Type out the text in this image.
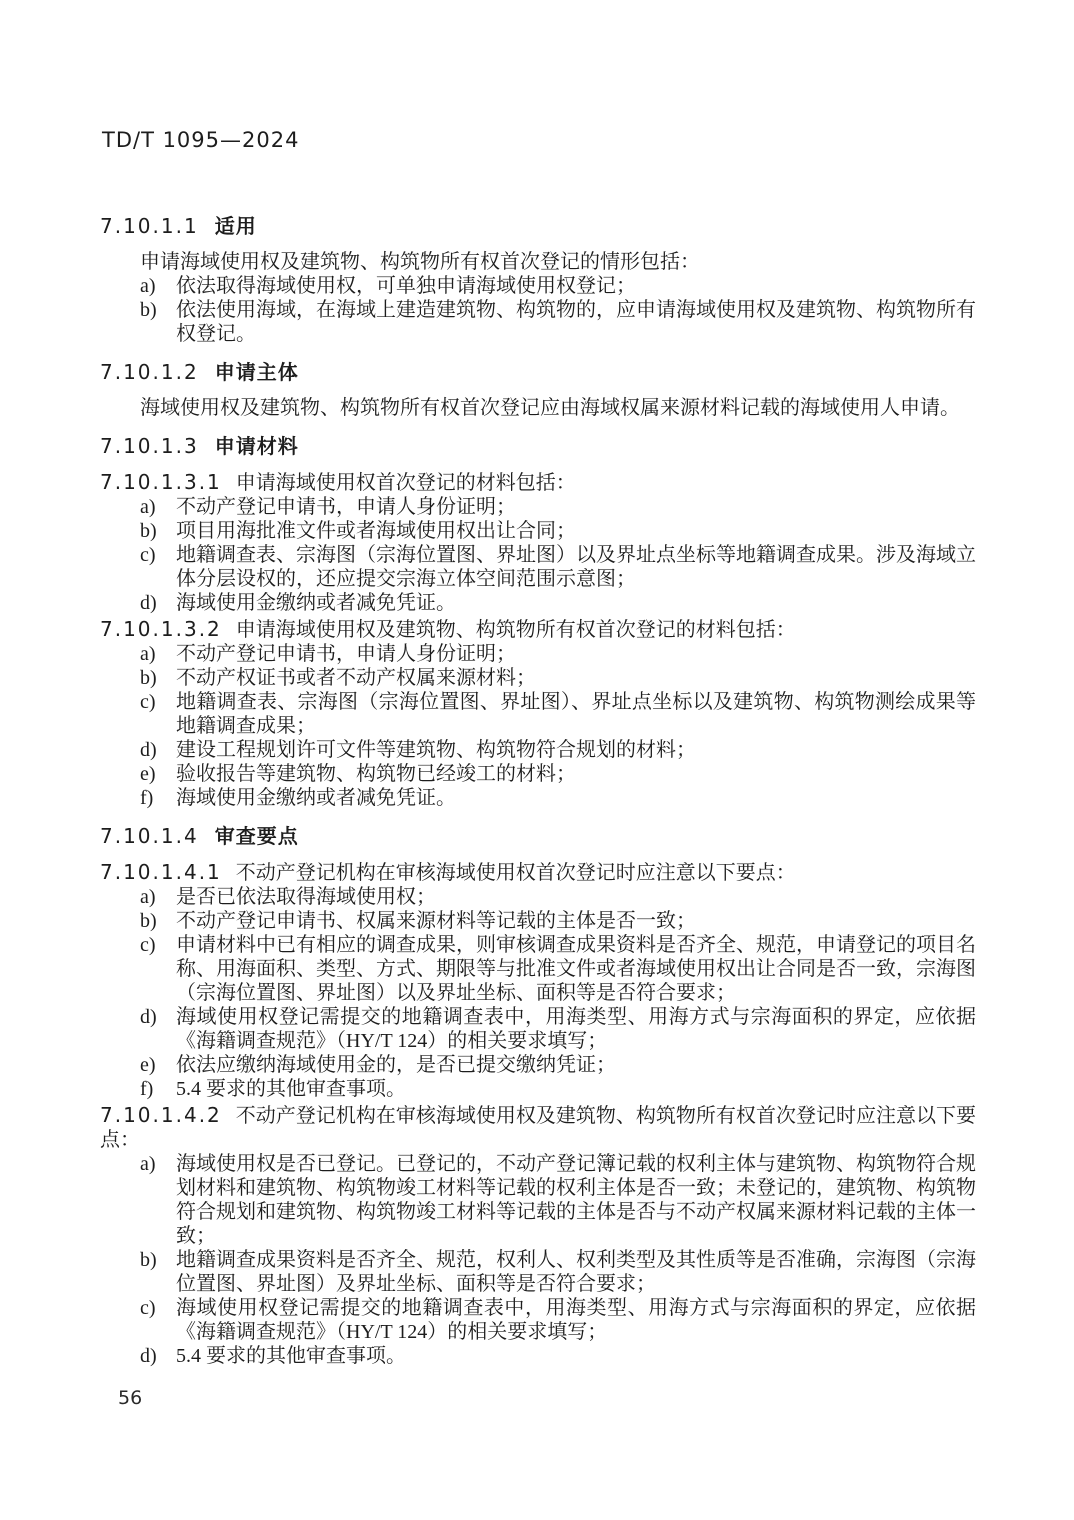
TD/T 1095—2024
7.10.1.1 适用

申请海域使用权及建筑物、构筑物所有权首次登记的情形包括：

a) 依法取得海域使用权，可单独申请海域使用权登记；
b) 依法使用海域，在海域上建造建筑物、构筑物的，应申请海域使用权及建筑物、构筑物所有权登记。
7.10.1.2 申请主体

海域使用权及建筑物、构筑物所有权首次登记应由海域权属来源材料记载的海域使用人申请。

7.10.1.3 申请材料
7.10.1.3.1 申请海域使用权首次登记的材料包括：
a) 不动产登记申请书，申请人身份证明；
b) 项目用海批准文件或者海域使用权出让合同；
c) 地籍调查表、宗海图（宗海位置图、界址图）以及界址点坐标等地籍调查成果。涉及海域立体分层设权的，还应提交宗海立体空间范围示意图；
d) 海域使用金缴纳或者减免凭证。
7.10.1.3.2 申请海域使用权及建筑物、构筑物所有权首次登记的材料包括：
a) 不动产登记申请书，申请人身份证明；
b) 不动产权证书或者不动产权属来源材料；
c) 地籍调查表、宗海图（宗海位置图、界址图）、界址点坐标以及建筑物、构筑物测绘成果等地籍调查成果；
d) 建设工程规划许可文件等建筑物、构筑物符合规划的材料；
e) 验收报告等建筑物、构筑物已经竣工的材料；
f) 海域使用金缴纳或者减免凭证。
7.10.1.4 审查要点
7.10.1.4.1 不动产登记机构在审核海域使用权首次登记时应注意以下要点：
a) 是否已依法取得海域使用权；
b) 不动产登记申请书、权属来源材料等记载的主体是否一致；
c) 申请材料中已有相应的调查成果，则审核调查成果资料是否齐全、规范，申请登记的项目名称、用海面积、类型、方式、期限等与批准文件或者海域使用权出让合同是否一致，宗海图（宗海位置图、界址图）以及界址坐标、面积等是否符合要求；
d) 海域使用权登记需提交的地籍调查表中，用海类型、用海方式与宗海面积的界定，应依据《海籍调查规范》（HY/T 124）的相关要求填写；
e) 依法应缴纳海域使用金的，是否已提交缴纳凭证；
f) 5.4 要求的其他审查事项。
7.10.1.4.2 不动产登记机构在审核海域使用权及建筑物、构筑物所有权首次登记时应注意以下要点：
a) 海域使用权是否已登记。已登记的，不动产登记簿记载的权利主体与建筑物、构筑物符合规划材料和建筑物、构筑物竣工材料等记载的权利主体是否一致；未登记的，建筑物、构筑物符合规划和建筑物、构筑物竣工材料等记载的主体是否与不动产权属来源材料记载的主体一致；
b) 地籍调查成果资料是否齐全、规范，权利人、权利类型及其性质等是否准确，宗海图（宗海位置图、界址图）及界址坐标、面积等是否符合要求；
c) 海域使用权登记需提交的地籍调查表中，用海类型、用海方式与宗海面积的界定，应依据《海籍调查规范》（HY/T 124）的相关要求填写；
d) 5.4 要求的其他审查事项。
56
